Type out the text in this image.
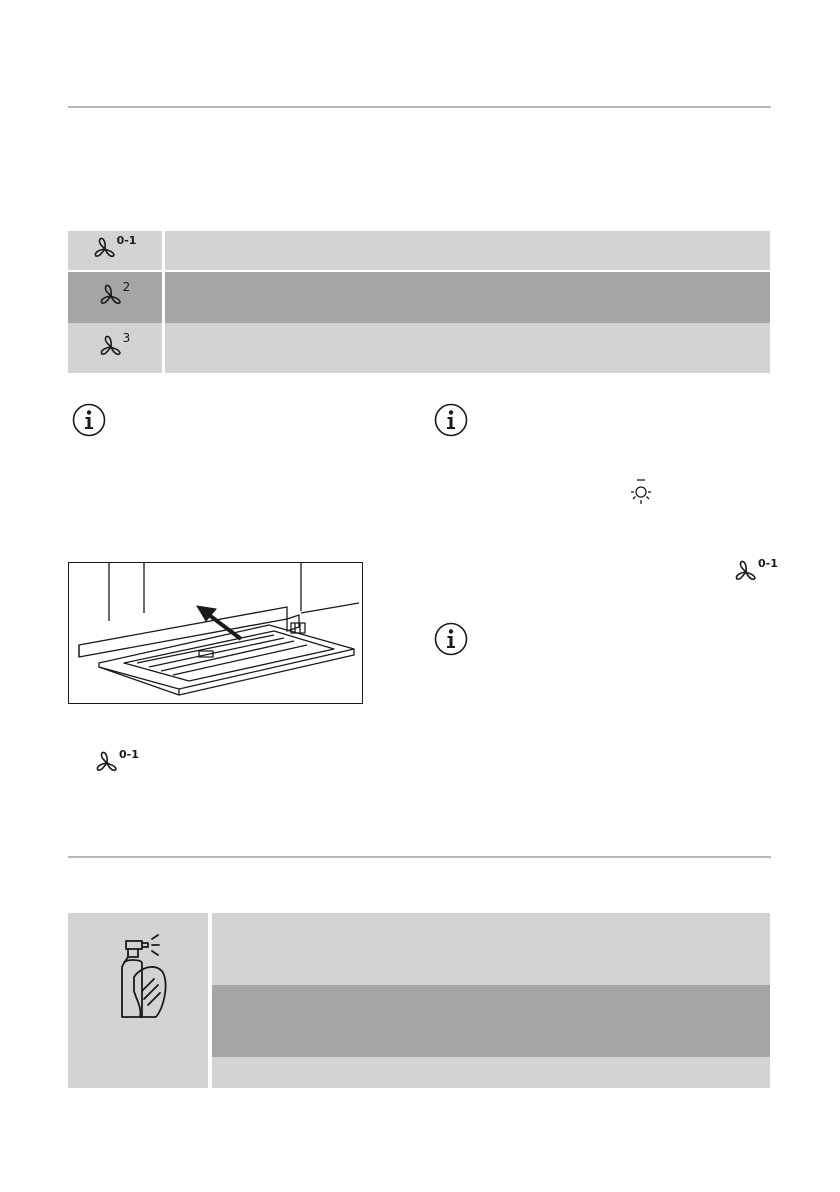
0-1		

2		

3		

0-1
0-1
